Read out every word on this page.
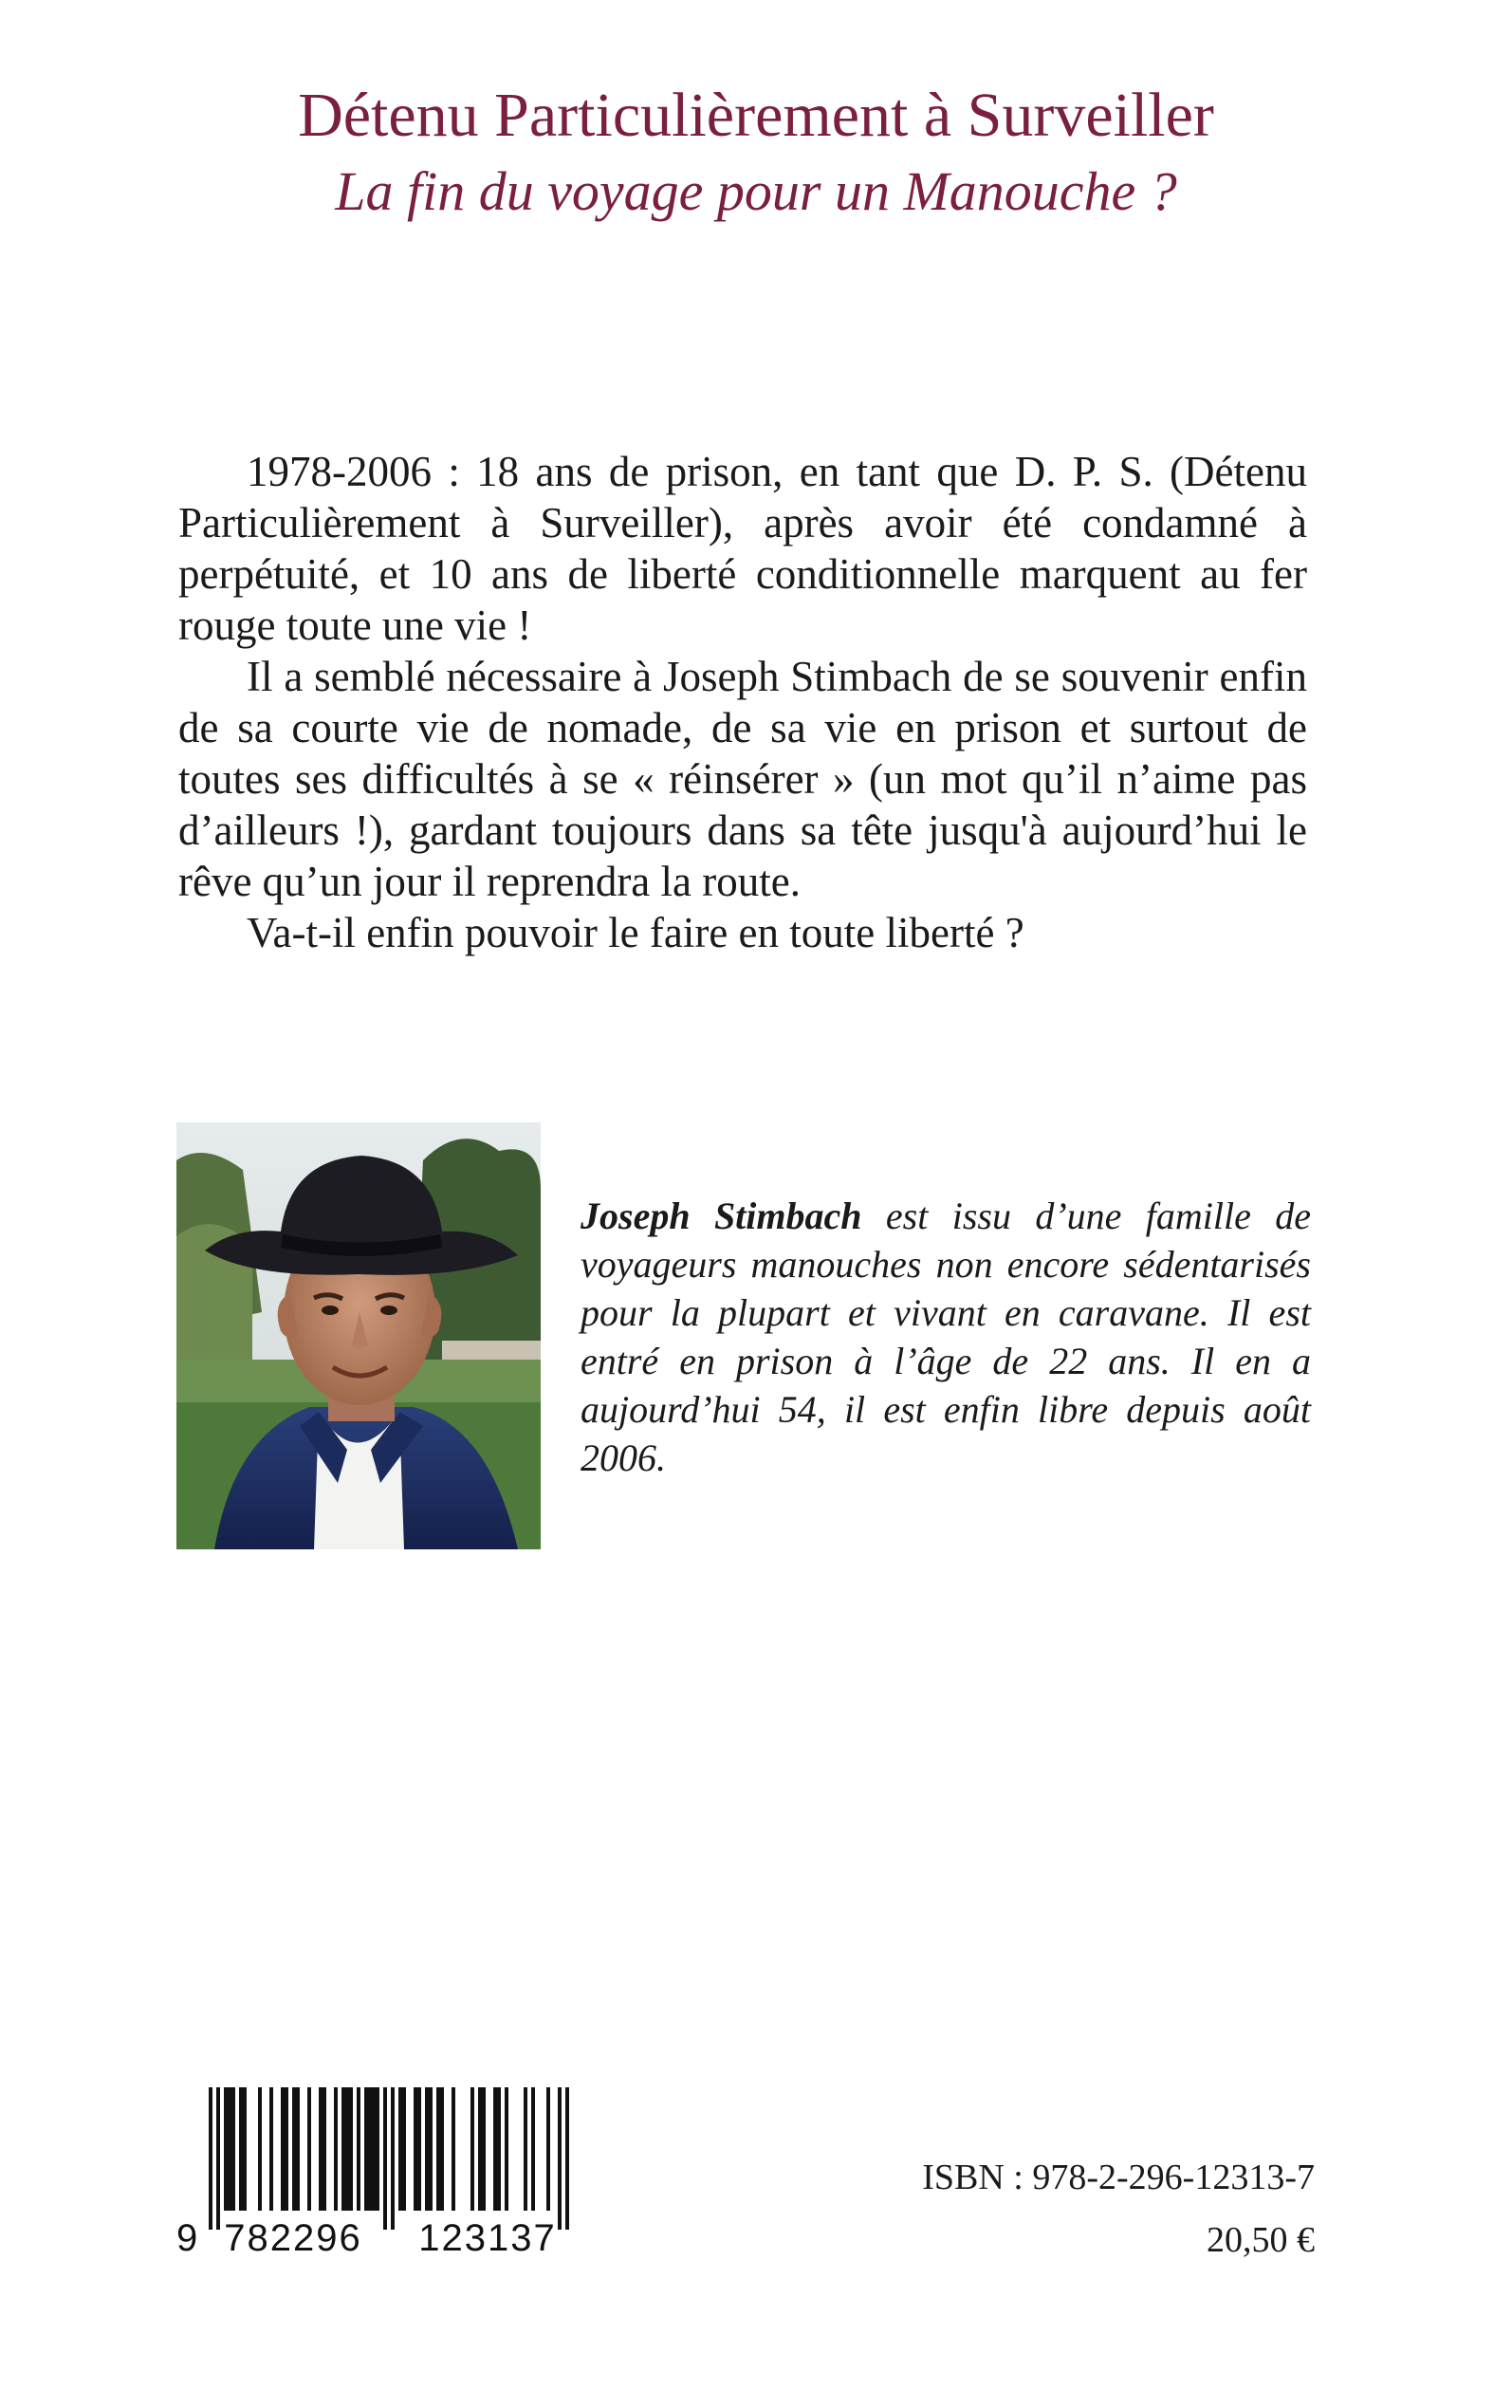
Détenu Particulièrement à Surveiller
La fin du voyage pour un Manouche ?

1978-2006 : 18 ans de prison, en tant que D. P. S. (Détenu Particulièrement à Surveiller), après avoir été condamné à perpétuité, et 10 ans de liberté conditionnelle marquent au fer rouge toute une vie !

Il a semblé nécessaire à Joseph Stimbach de se souvenir enfin de sa courte vie de nomade, de sa vie en prison et surtout de toutes ses difficultés à se « réinsérer » (un mot qu’il n’aime pas d’ailleurs !), gardant toujours dans sa tête jusqu'à aujourd’hui le rêve qu’un jour il reprendra la route.

Va-t-il enfin pouvoir le faire en toute liberté ?

Joseph Stimbach est issu d’une famille de voyageurs manouches non encore sédentarisés pour la plupart et vivant en caravane. Il est entré en prison à l’âge de 22 ans. Il en a aujourd’hui 54, il est enfin libre depuis août 2006.
9 782296 123137
ISBN : 978-2-296-12313-7
20,50 €
